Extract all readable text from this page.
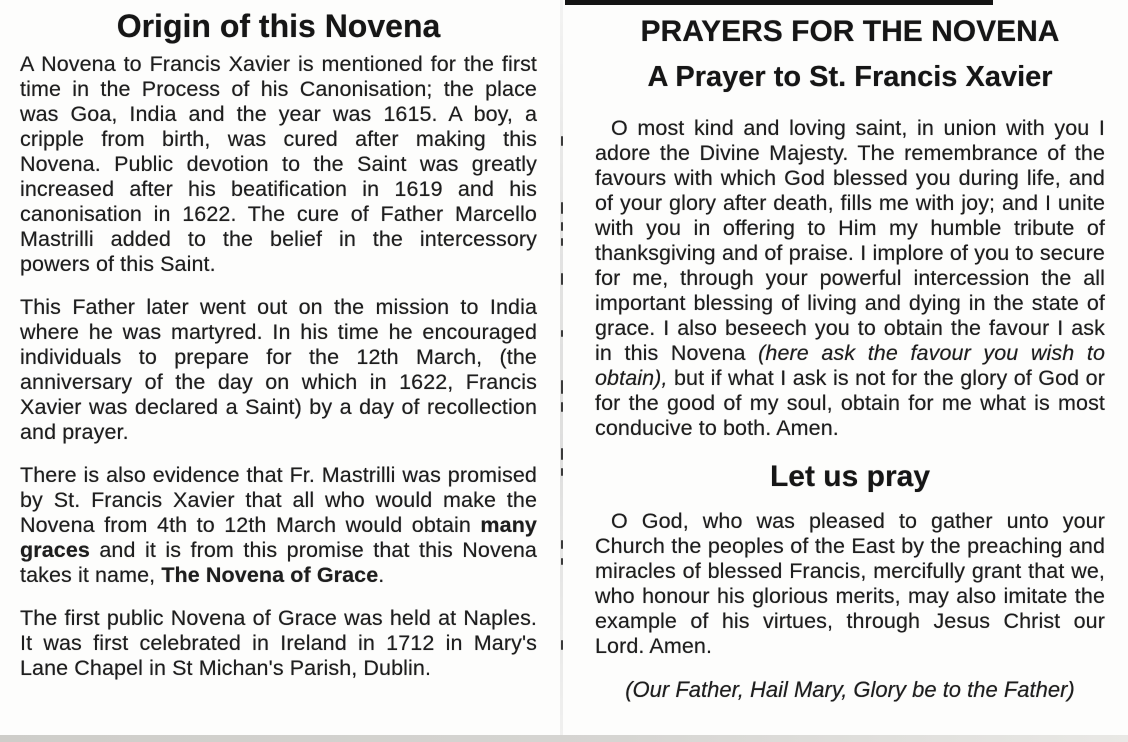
Origin of this Novena

A Novena to Francis Xavier is mentioned for the first time in the Process of his Canonisation; the place was Goa, India and the year was 1615. A boy, a cripple from birth, was cured after making this Novena. Public devotion to the Saint was greatly increased after his beatification in 1619 and his canonisation in 1622. The cure of Father Marcello Mastrilli added to the belief in the intercessory powers of this Saint.

This Father later went out on the mission to India where he was martyred. In his time he encouraged individuals to prepare for the 12th March, (the anniversary of the day on which in 1622, Francis Xavier was declared a Saint) by a day of recollection and prayer.

There is also evidence that Fr. Mastrilli was promised by St. Francis Xavier that all who would make the Novena from 4th to 12th March would obtain many graces and it is from this promise that this Novena takes it name, The Novena of Grace.

The first public Novena of Grace was held at Naples. It was first celebrated in Ireland in 1712 in Mary's Lane Chapel in St Michan's Parish, Dublin.

PRAYERS FOR THE NOVENA
A Prayer to St. Francis Xavier

O most kind and loving saint, in union with you I adore the Divine Majesty. The remembrance of the favours with which God blessed you during life, and of your glory after death, fills me with joy; and I unite with you in offering to Him my humble tribute of thanksgiving and of praise. I implore of you to secure for me, through your powerful intercession the all important blessing of living and dying in the state of grace. I also beseech you to obtain the favour I ask in this Novena (here ask the favour you wish to obtain), but if what I ask is not for the glory of God or for the good of my soul, obtain for me what is most conducive to both. Amen.

Let us pray

O God, who was pleased to gather unto your Church the peoples of the East by the preaching and miracles of blessed Francis, mercifully grant that we, who honour his glorious merits, may also imitate the example of his virtues, through Jesus Christ our Lord. Amen.

(Our Father, Hail Mary, Glory be to the Father)
